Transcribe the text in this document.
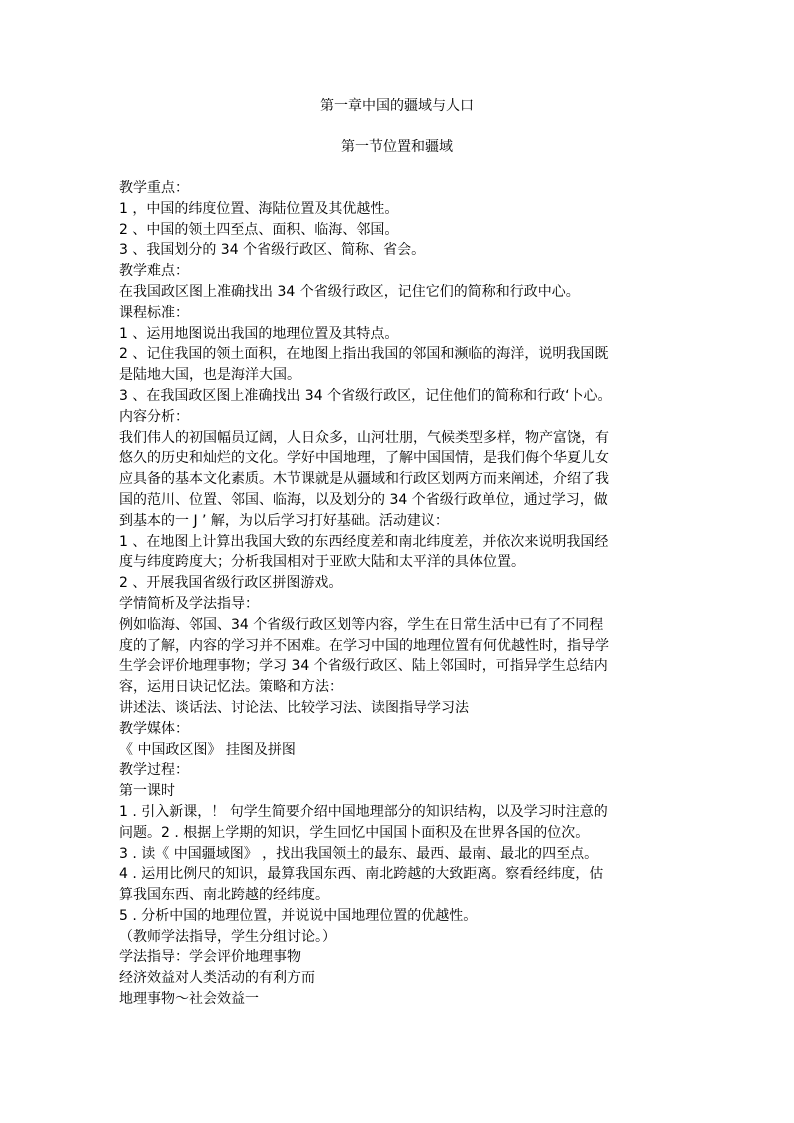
第一章中国的疆域与人口
第一节位置和疆域
教学重点：
1 ，中国的纬度位置、海陆位置及其优越性。
2 、中国的领土四至点、面积、临海、邻国。
3 、我国划分的 34 个省级行政区、简称、省会。
教学难点：
在我国政区图上准确找出 34 个省级行政区，记住它们的简称和行政中心。
课程标准：
1 、运用地图说出我国的地理位置及其特点。
2 、记住我国的领土面积，在地图上指出我国的邻国和濒临的海洋，说明我国既
是陆地大国，也是海洋大国。
3 、在我国政区图上准确找出 34 个省级行政区，记住他们的简称和行政‘卜心。
内容分析：
我们伟人的初国幅员辽阔，人日众多，山河壮朋，气候类型多样，物产富饶，有
悠久的历史和灿烂的文化。学好中国地理，了解中国国情，是我们侮个华夏儿女
应具备的基本文化素质。木节课就是从疆域和行政区划两方而来阐述，介绍了我
国的范川、位置、邻国、临海，以及划分的 34 个省级行政单位，通过学习，做
到基本的一 J ’ 解，为以后学习打好基础。活动建议：
1 、在地图上计算出我国大致的东西经度差和南北纬度差，并依次来说明我国经
度与纬度跨度大；分析我国相对于亚欧大陆和太平洋的具体位置。
2 、开展我国省级行政区拼图游戏。
学情简析及学法指导：
例如临海、邻国、34 个省级行政区划等内容，学生在日常生活中已有了不同程
度的了解，内容的学习并不困难。在学习中国的地理位置有何优越性时，指导学
生学会评价地理事物；学习 34 个省级行政区、陆上邻国时，可指异学生总结内
容，运用日诀记忆法。策略和方法：
讲述法、谈话法、讨论法、比较学习法、读图指导学习法
教学媒体：
《 中国政区图》 挂图及拼图
教学过程：
第一课时
1 . 引入新课，！ 句学生简要介绍中国地理部分的知识结构，以及学习时注意的
问题。2 . 根据上学期的知识，学生回忆中国国卜面积及在世界各国的位次。
3 . 读《 中国疆域图》 ，找出我国领土的最东、最西、最南、最北的四至点。
4 . 运用比例尺的知识，最算我国东西、南北跨越的大致距离。察看经纬度，估
算我国东西、南北跨越的经纬度。
5 . 分析中国的地理位置，并说说中国地理位置的优越性。
（教师学法指导，学生分组讨论。）
学法指导：学会评价地理事物
经济效益对人类活动的有利方而
地理事物～社会效益一
